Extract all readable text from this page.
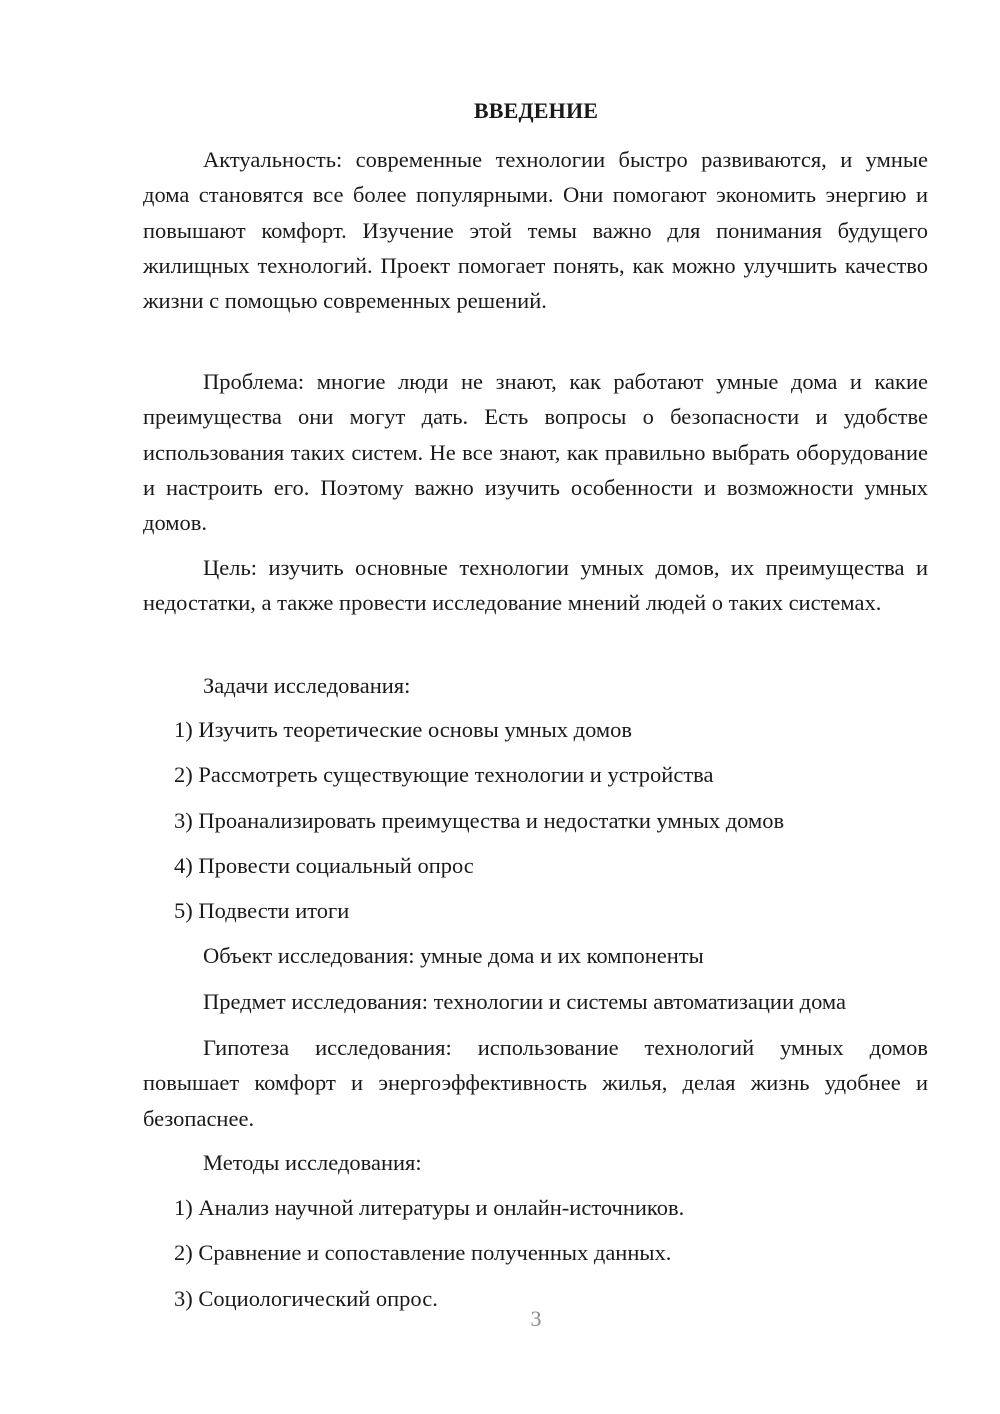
ВВЕДЕНИЕ

Актуальность: современные технологии быстро развиваются, и умные дома становятся все более популярными. Они помогают экономить энергию и повышают комфорт. Изучение этой темы важно для понимания будущего жилищных технологий. Проект помогает понять, как можно улучшить качество жизни с помощью современных решений.

Проблема: многие люди не знают, как работают умные дома и какие преимущества они могут дать. Есть вопросы о безопасности и удобстве использования таких систем. Не все знают, как правильно выбрать оборудование и настроить его. Поэтому важно изучить особенности и возможности умных домов.

Цель: изучить основные технологии умных домов, их преимущества и недостатки, а также провести исследование мнений людей о таких системах.

Задачи исследования:

1) Изучить теоретические основы умных домов

2) Рассмотреть существующие технологии и устройства

3) Проанализировать преимущества и недостатки умных домов

4) Провести социальный опрос

5) Подвести итоги

Объект исследования: умные дома и их компоненты

Предмет исследования: технологии и системы автоматизации дома

Гипотеза исследования: использование технологий умных домов повышает комфорт и энергоэффективность жилья, делая жизнь удобнее и безопаснее.

Методы исследования:

1) Анализ научной литературы и онлайн-источников.

2) Сравнение и сопоставление полученных данных.

3) Социологический опрос.

3
